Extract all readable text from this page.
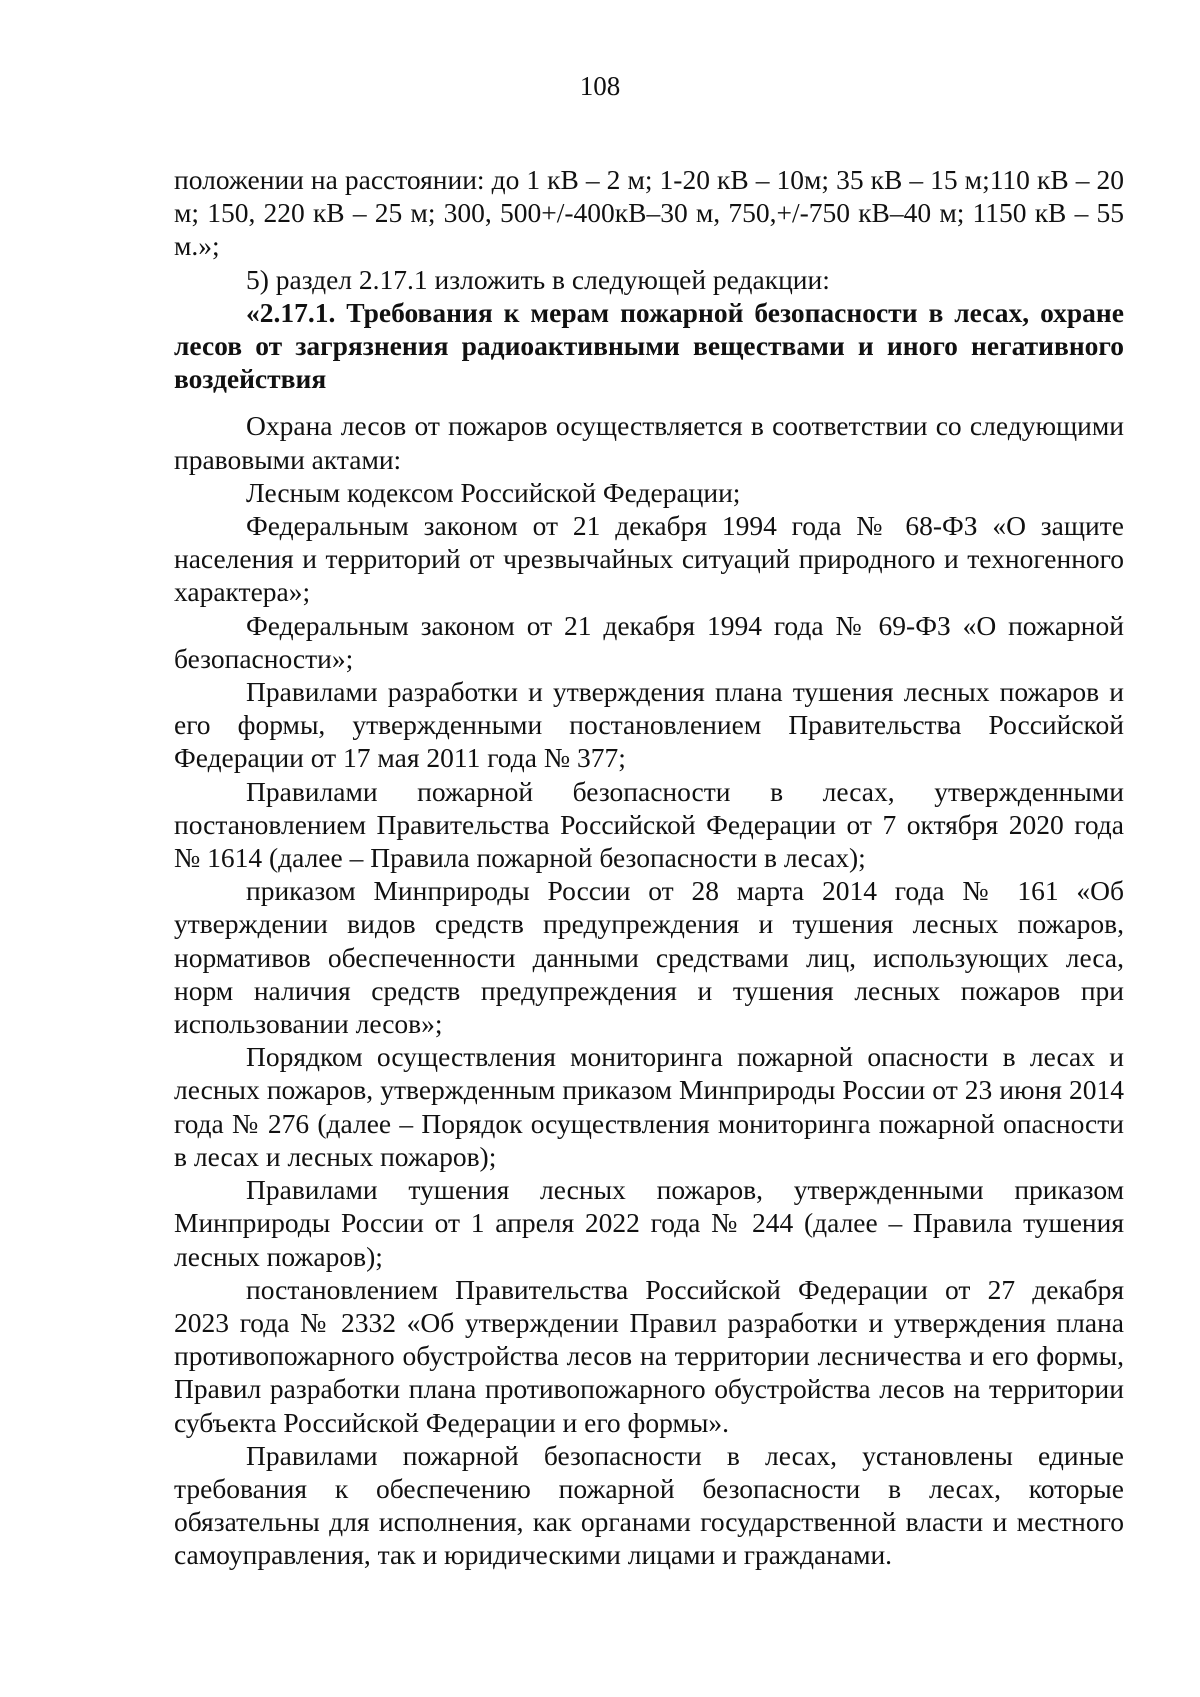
108

положении на расстоянии: до 1 кВ – 2 м; 1-20 кВ – 10м; 35 кВ – 15 м;110 кВ – 20 м; 150, 220 кВ – 25 м; 300, 500+/-400кВ–30 м, 750,+/-750 кВ–40 м; 1150 кВ – 55 м.»;

5) раздел 2.17.1 изложить в следующей редакции:

«2.17.1. Требования к мерам пожарной безопасности в лесах, охране лесов от загрязнения радиоактивными веществами и иного негативного воздействия

Охрана лесов от пожаров осуществляется в соответствии со следующими правовыми актами:

Лесным кодексом Российской Федерации;

Федеральным законом от 21 декабря 1994 года № 68-ФЗ «О защите населения и территорий от чрезвычайных ситуаций природного и техногенного характера»;

Федеральным законом от 21 декабря 1994 года № 69-ФЗ «О пожарной безопасности»;

Правилами разработки и утверждения плана тушения лесных пожаров и его формы, утвержденными постановлением Правительства Российской Федерации от 17 мая 2011 года № 377;

Правилами пожарной безопасности в лесах, утвержденными постановлением Правительства Российской Федерации от 7 октября 2020 года № 1614 (далее – Правила пожарной безопасности в лесах);

приказом Минприроды России от 28 марта 2014 года № 161 «Об утверждении видов средств предупреждения и тушения лесных пожаров, нормативов обеспеченности данными средствами лиц, использующих леса, норм наличия средств предупреждения и тушения лесных пожаров при использовании лесов»;

Порядком осуществления мониторинга пожарной опасности в лесах и лесных пожаров, утвержденным приказом Минприроды России от 23 июня 2014 года № 276 (далее – Порядок осуществления мониторинга пожарной опасности в лесах и лесных пожаров);

Правилами тушения лесных пожаров, утвержденными приказом Минприроды России от 1 апреля 2022 года № 244 (далее – Правила тушения лесных пожаров);

постановлением Правительства Российской Федерации от 27 декабря 2023 года № 2332 «Об утверждении Правил разработки и утверждения плана противопожарного обустройства лесов на территории лесничества и его формы, Правил разработки плана противопожарного обустройства лесов на территории субъекта Российской Федерации и его формы».

Правилами пожарной безопасности в лесах, установлены единые требования к обеспечению пожарной безопасности в лесах, которые обязательны для исполнения, как органами государственной власти и местного самоуправления, так и юридическими лицами и гражданами.
